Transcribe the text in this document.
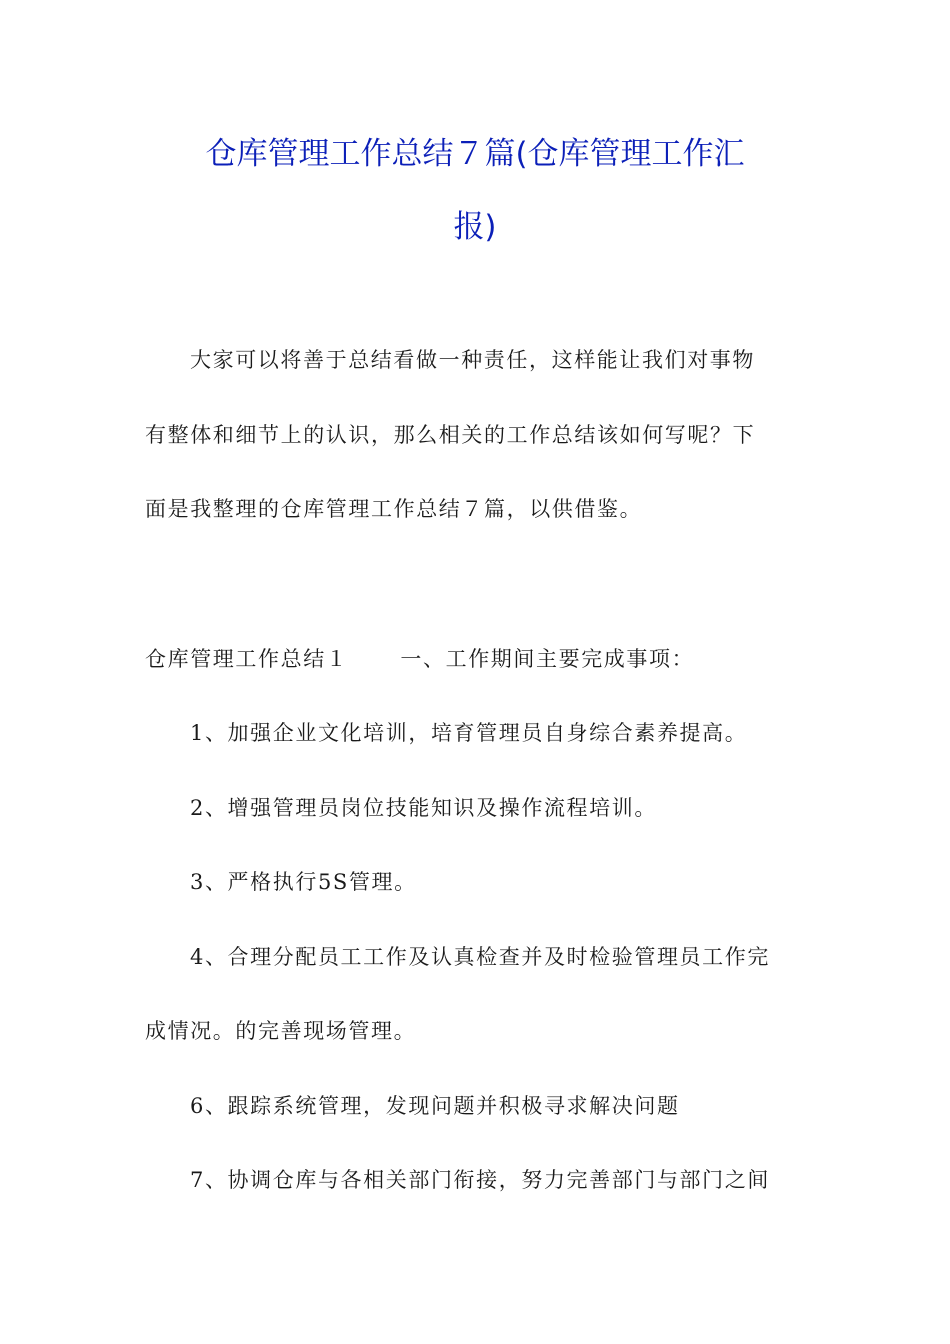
仓库管理工作总结７篇(仓库管理工作汇
报)
大家可以将善于总结看做一种责任，这样能让我们对事物
有整体和细节上的认识，那么相关的工作总结该如何写呢？下
面是我整理的仓库管理工作总结７篇，以供借鉴。
仓库管理工作总结１ 一、工作期间主要完成事项：
1、加强企业文化培训，培育管理员自身综合素养提高。
2、增强管理员岗位技能知识及操作流程培训。
3、严格执行5S管理。
4、合理分配员工工作及认真检查并及时检验管理员工作完
成情况。的完善现场管理。
6、跟踪系统管理，发现问题并积极寻求解决问题
7、协调仓库与各相关部门衔接，努力完善部门与部门之间
